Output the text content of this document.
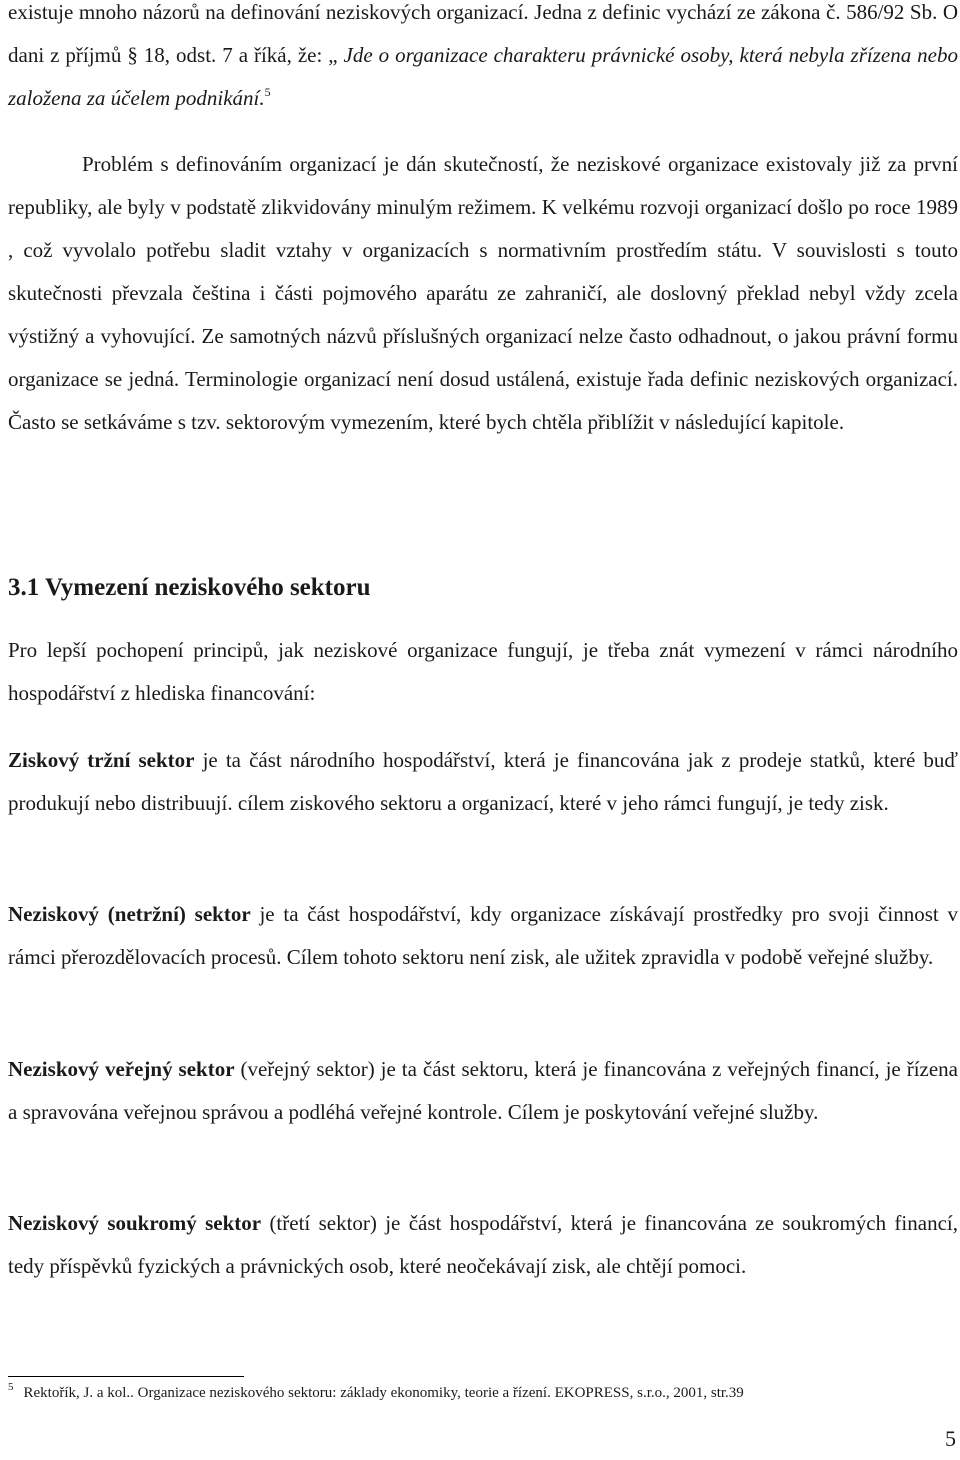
existuje mnoho názorů na definování neziskových organizací. Jedna z definic vychází ze zákona č. 586/92 Sb. O dani z příjmů § 18, odst. 7 a říká, že: „ Jde o organizace charakteru právnické osoby, která nebyla zřízena nebo založena za účelem podnikání.$^5$

Problém s definováním organizací je dán skutečností, že neziskové organizace existovaly již za první republiky, ale byly v podstatě zlikvidovány minulým režimem. K velkému rozvoji organizací došlo po roce 1989 , což vyvolalo potřebu sladit vztahy v organizacích s normativním prostředím státu. V souvislosti s touto skutečnosti převzala čeština i části pojmového aparátu ze zahraničí, ale doslovný překlad nebyl vždy zcela výstižný a vyhovující. Ze samotných názvů příslušných organizací nelze často odhadnout, o jakou právní formu organizace se jedná. Terminologie organizací není dosud ustálená, existuje řada definic neziskových organizací. Často se setkáváme s tzv. sektorovým vymezením, které bych chtěla přiblížit v následující kapitole.

3.1 Vymezení neziskového sektoru

Pro lepší pochopení principů, jak neziskové organizace fungují, je třeba znát vymezení v rámci národního hospodářství z hlediska financování:

Ziskový tržní sektor je ta část národního hospodářství, která je financována jak z prodeje statků, které buď produkují nebo distribuují. cílem ziskového sektoru a organizací, které v jeho rámci fungují, je tedy zisk.

Neziskový (netržní) sektor je ta část hospodářství, kdy organizace získávají prostředky pro svoji činnost v rámci přerozdělovacích procesů. Cílem tohoto sektoru není zisk, ale užitek zpravidla v podobě veřejné služby.

Neziskový veřejný sektor (veřejný sektor) je ta část sektoru, která je financována z veřejných financí, je řízena a spravována veřejnou správou a podléhá veřejné kontrole. Cílem je poskytování veřejné služby.

Neziskový soukromý sektor (třetí sektor) je část hospodářství, která je financována ze soukromých financí, tedy příspěvků fyzických a právnických osob, které neočekávají zisk, ale chtějí pomoci.

$^5$ Rektořík, J. a kol.. Organizace neziskového sektoru: základy ekonomiky, teorie a řízení. EKOPRESS, s.r.o., 2001, str.39

5
